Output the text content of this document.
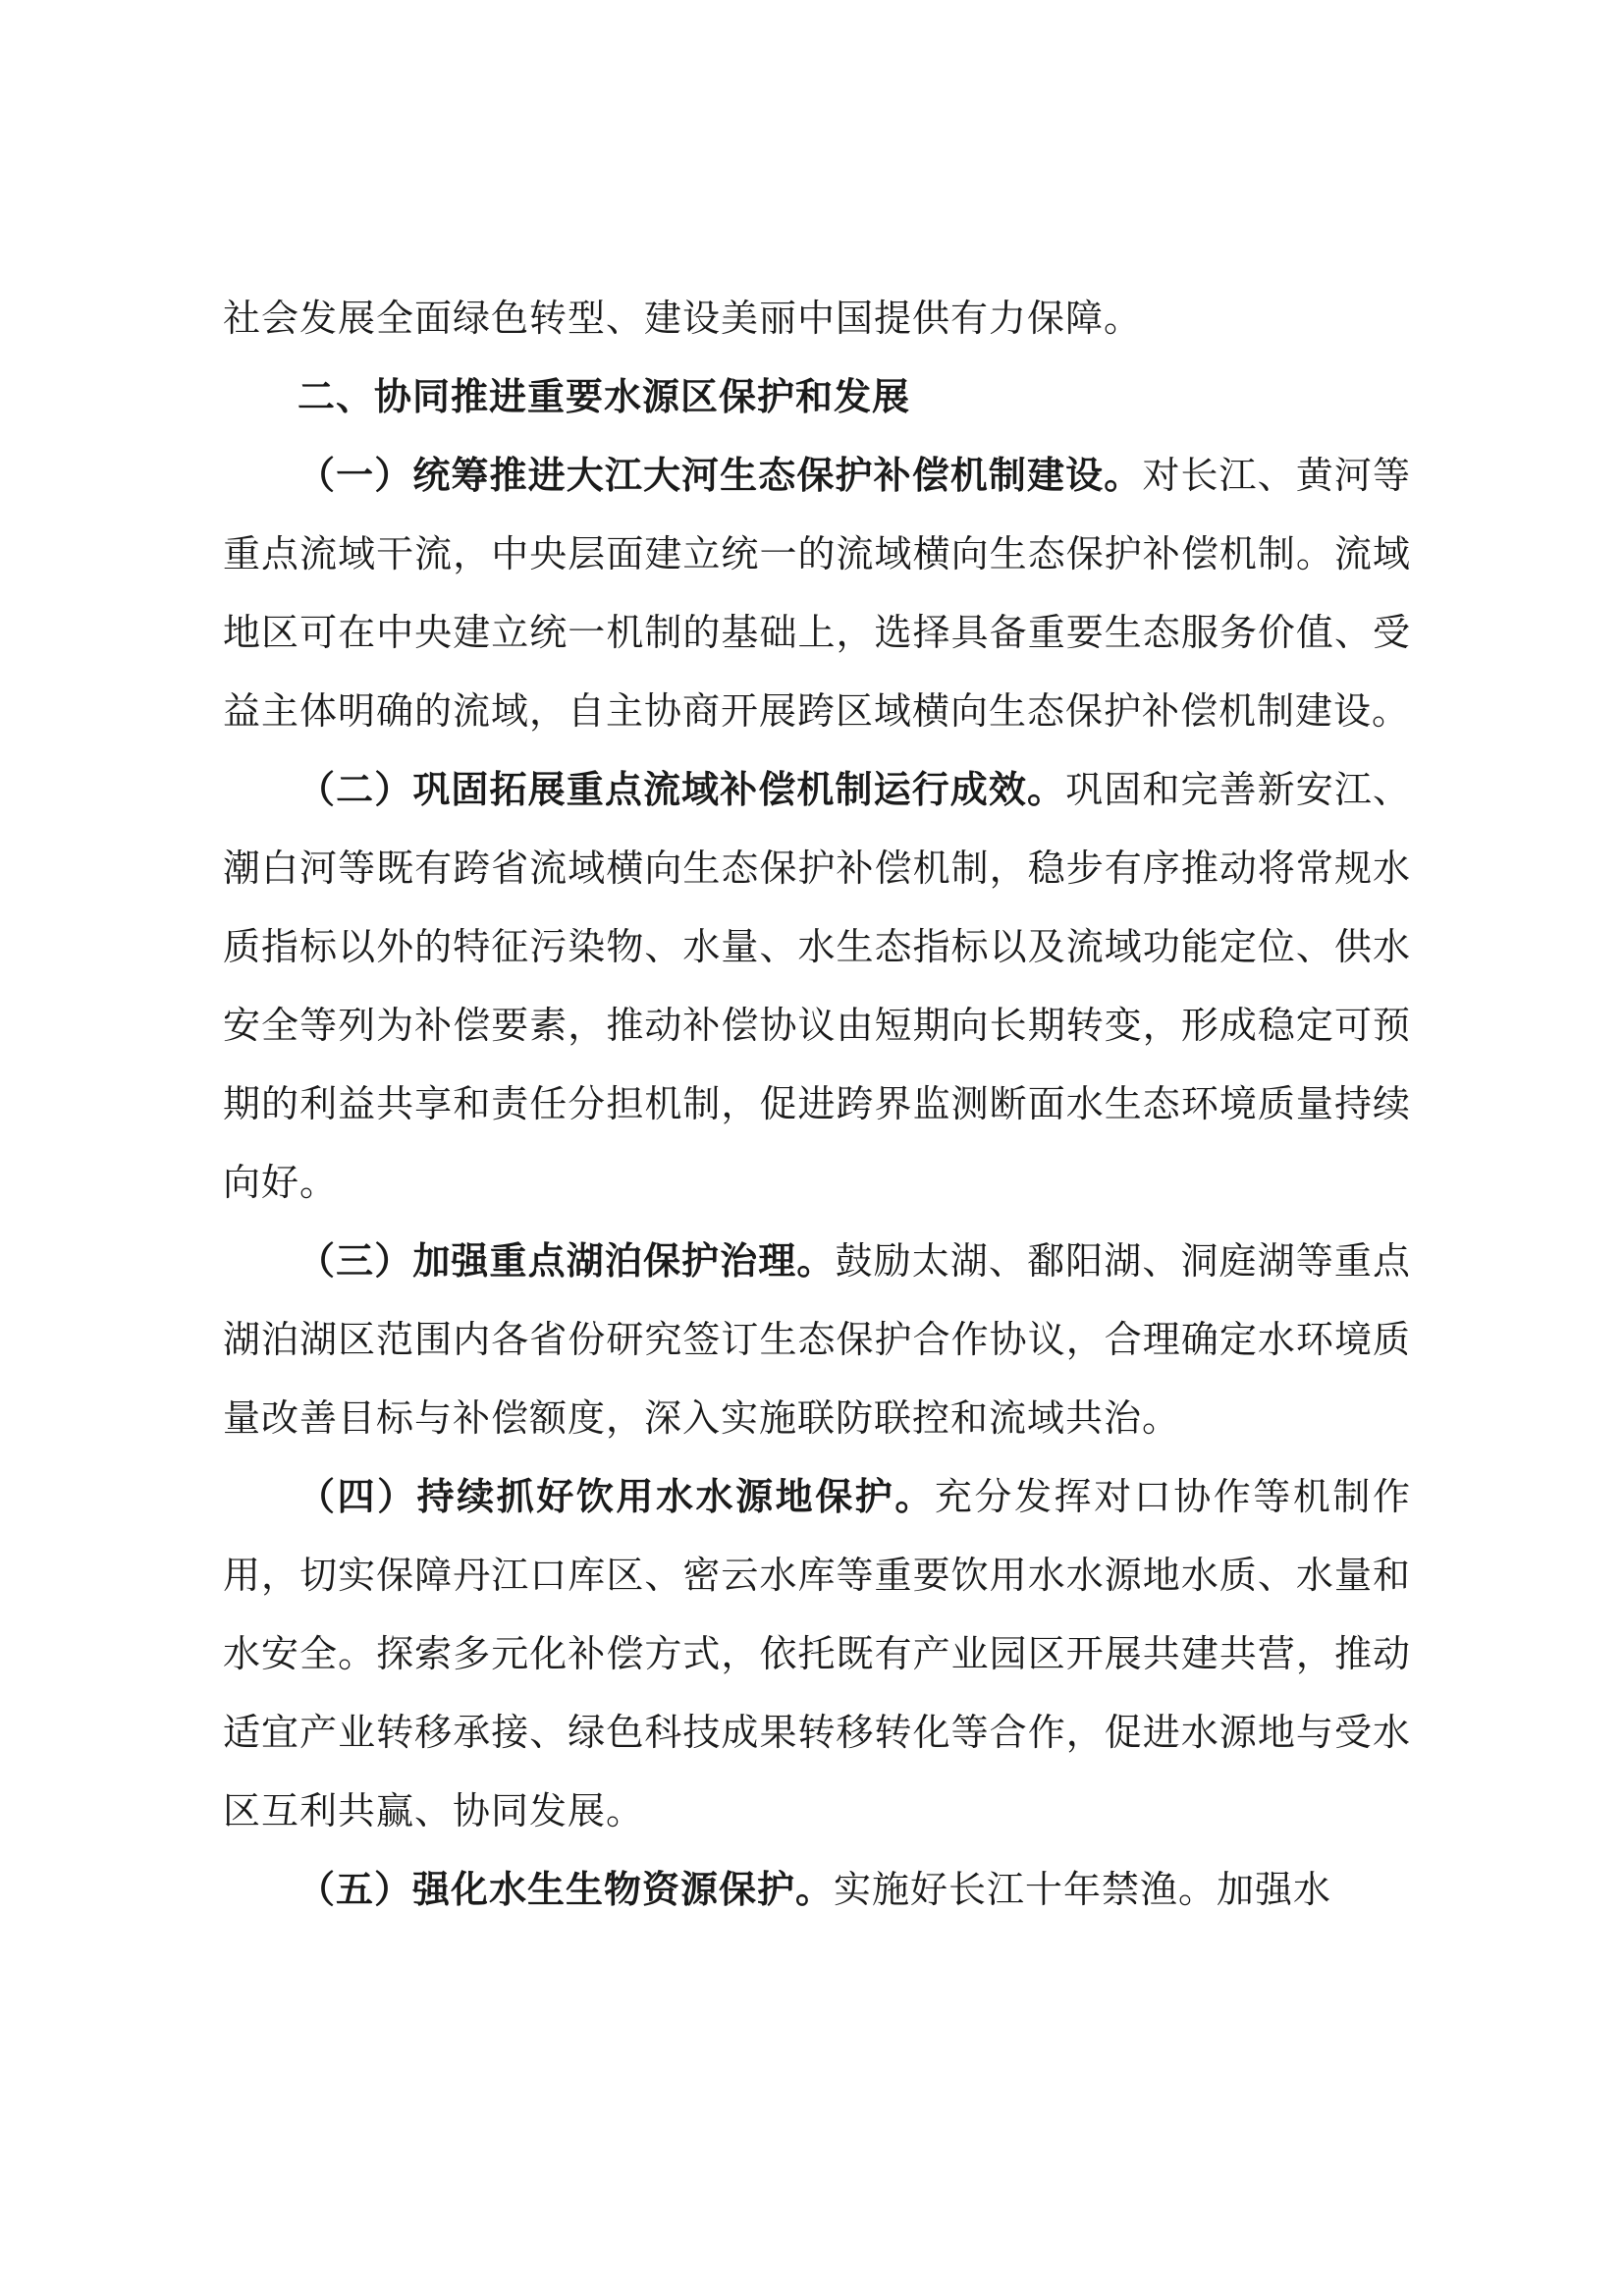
社会发展全面绿色转型、建设美丽中国提供有力保障。

二、协同推进重要水源区保护和发展

（一）统筹推进大江大河生态保护补偿机制建设。对长江、黄河等重点流域干流，中央层面建立统一的流域横向生态保护补偿机制。流域地区可在中央建立统一机制的基础上，选择具备重要生态服务价值、受益主体明确的流域，自主协商开展跨区域横向生态保护补偿机制建设。

（二）巩固拓展重点流域补偿机制运行成效。巩固和完善新安江、潮白河等既有跨省流域横向生态保护补偿机制，稳步有序推动将常规水质指标以外的特征污染物、水量、水生态指标以及流域功能定位、供水安全等列为补偿要素，推动补偿协议由短期向长期转变，形成稳定可预期的利益共享和责任分担机制，促进跨界监测断面水生态环境质量持续向好。

（三）加强重点湖泊保护治理。鼓励太湖、鄱阳湖、洞庭湖等重点湖泊湖区范围内各省份研究签订生态保护合作协议，合理确定水环境质量改善目标与补偿额度，深入实施联防联控和流域共治。

（四）持续抓好饮用水水源地保护。充分发挥对口协作等机制作用，切实保障丹江口库区、密云水库等重要饮用水水源地水质、水量和水安全。探索多元化补偿方式，依托既有产业园区开展共建共营，推动适宜产业转移承接、绿色科技成果转移转化等合作，促进水源地与受水区互利共赢、协同发展。

（五）强化水生生物资源保护。实施好长江十年禁渔。加强水
